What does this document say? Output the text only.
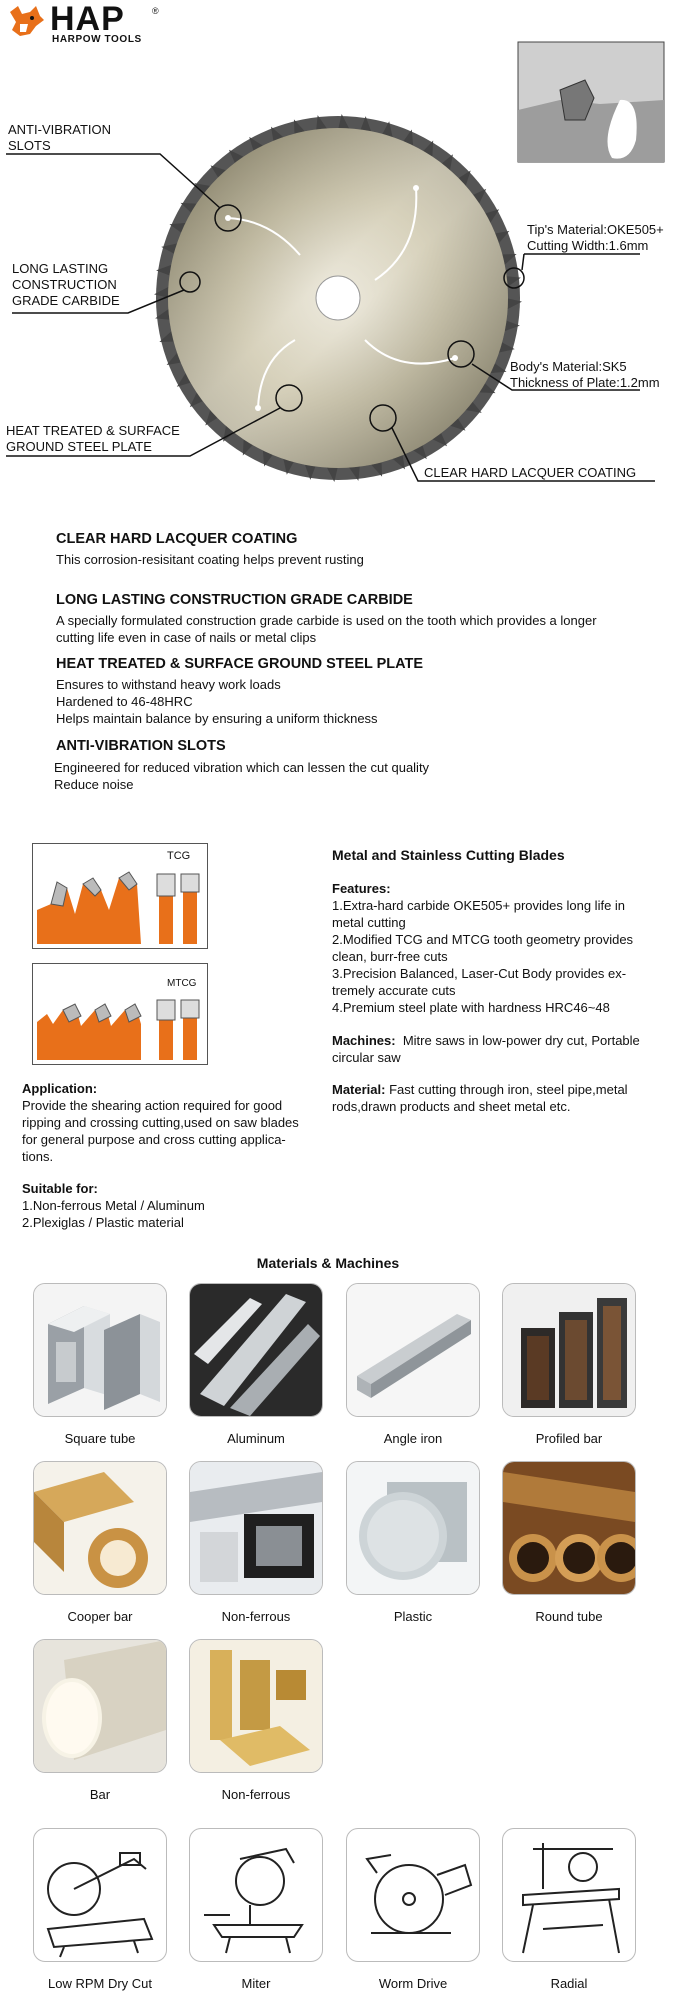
HAP	®
HARPOW TOOLS
ANTI-VIBRATION
SLOTS
LONG LASTING
CONSTRUCTION
GRADE CARBIDE
HEAT TREATED & SURFACE
GROUND STEEL PLATE
Tip's Material:OKE505+
Cutting Width:1.6mm
Body's Material:SK5
Thickness of Plate:1.2mm
CLEAR HARD LACQUER COATING
CLEAR HARD LACQUER COATING
This corrosion-resisitant coating helps prevent rusting
LONG LASTING CONSTRUCTION GRADE CARBIDE
A specially formulated construction grade carbide is used on the tooth which provides a longer
cutting life even in case of nails or metal clips
HEAT TREATED & SURFACE GROUND STEEL PLATE
Ensures to withstand heavy work loads
Hardened to 46-48HRC
Helps maintain balance by ensuring a uniform thickness
ANTI-VIBRATION SLOTS
Engineered for reduced vibration which can lessen the cut quality
Reduce noise
TCG
MTCG
Application:
Provide the shearing action required for good
ripping and crossing cutting,used on saw blades
for general purpose and cross cutting applica-
tions.
Suitable for:
1.Non-ferrous Metal / Aluminum
2.Plexiglas / Plastic material
Metal and Stainless Cutting Blades
Features:
1.Extra-hard carbide OKE505+ provides long life in
metal cutting
2.Modified TCG and MTCG tooth geometry provides
clean, burr-free cuts
3.Precision Balanced, Laser-Cut Body provides ex-
tremely accurate cuts
4.Premium steel plate with hardness HRC46~48
Machines: Mitre saws in low-power dry cut, Portable
circular saw
Material: Fast cutting through iron, steel pipe,metal
rods,drawn products and sheet metal etc.
Materials & Machines
Square tube	Aluminum	Angle iron	Profiled bar
Cooper bar	Non-ferrous	Plastic	Round tube
Bar	Non-ferrous
Low RPM Dry Cut	Miter	Worm Drive	Radial
